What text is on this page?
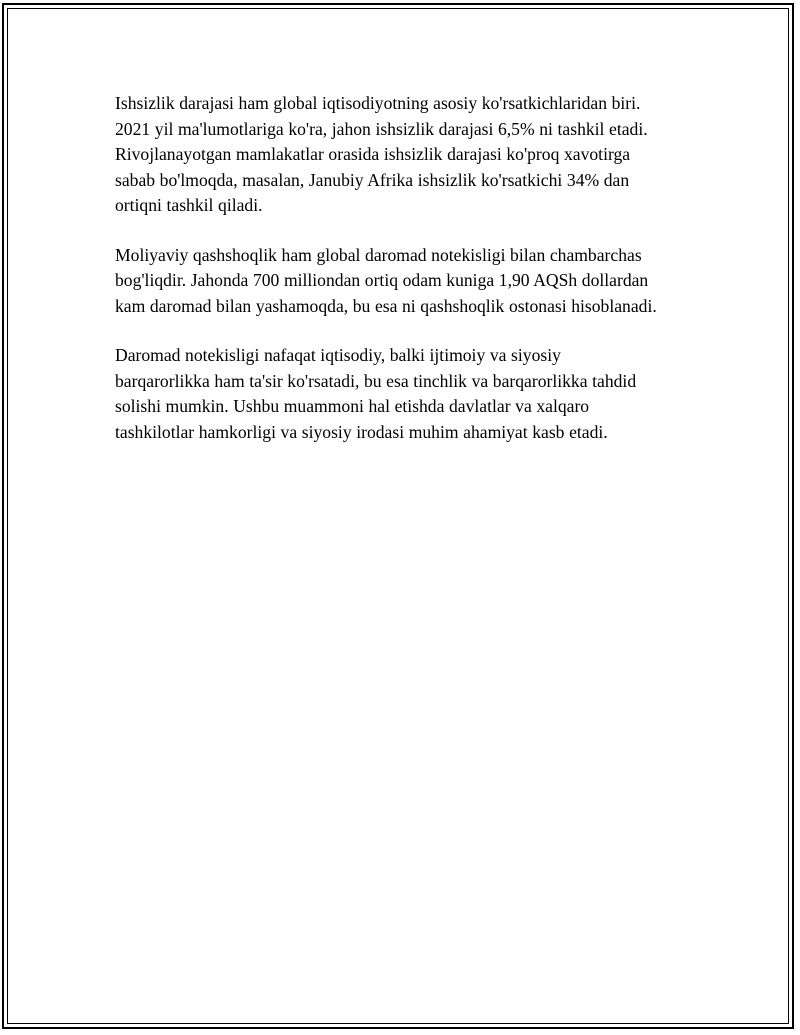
Ishsizlik darajasi ham global iqtisodiyotning asosiy ko'rsatkichlaridan biri.
2021 yil ma'lumotlariga ko'ra, jahon ishsizlik darajasi 6,5% ni tashkil etadi.
Rivojlanayotgan mamlakatlar orasida ishsizlik darajasi ko'proq xavotirga
sabab bo'lmoqda, masalan, Janubiy Afrika ishsizlik ko'rsatkichi 34% dan
ortiqni tashkil qiladi.

Moliyaviy qashshoqlik ham global daromad notekisligi bilan chambarchas
bog'liqdir. Jahonda 700 milliondan ortiq odam kuniga 1,90 AQSh dollardan
kam daromad bilan yashamoqda, bu esa ni qashshoqlik ostonasi hisoblanadi.

Daromad notekisligi nafaqat iqtisodiy, balki ijtimoiy va siyosiy
barqarorlikka ham ta'sir ko'rsatadi, bu esa tinchlik va barqarorlikka tahdid
solishi mumkin. Ushbu muammoni hal etishda davlatlar va xalqaro
tashkilotlar hamkorligi va siyosiy irodasi muhim ahamiyat kasb etadi.
